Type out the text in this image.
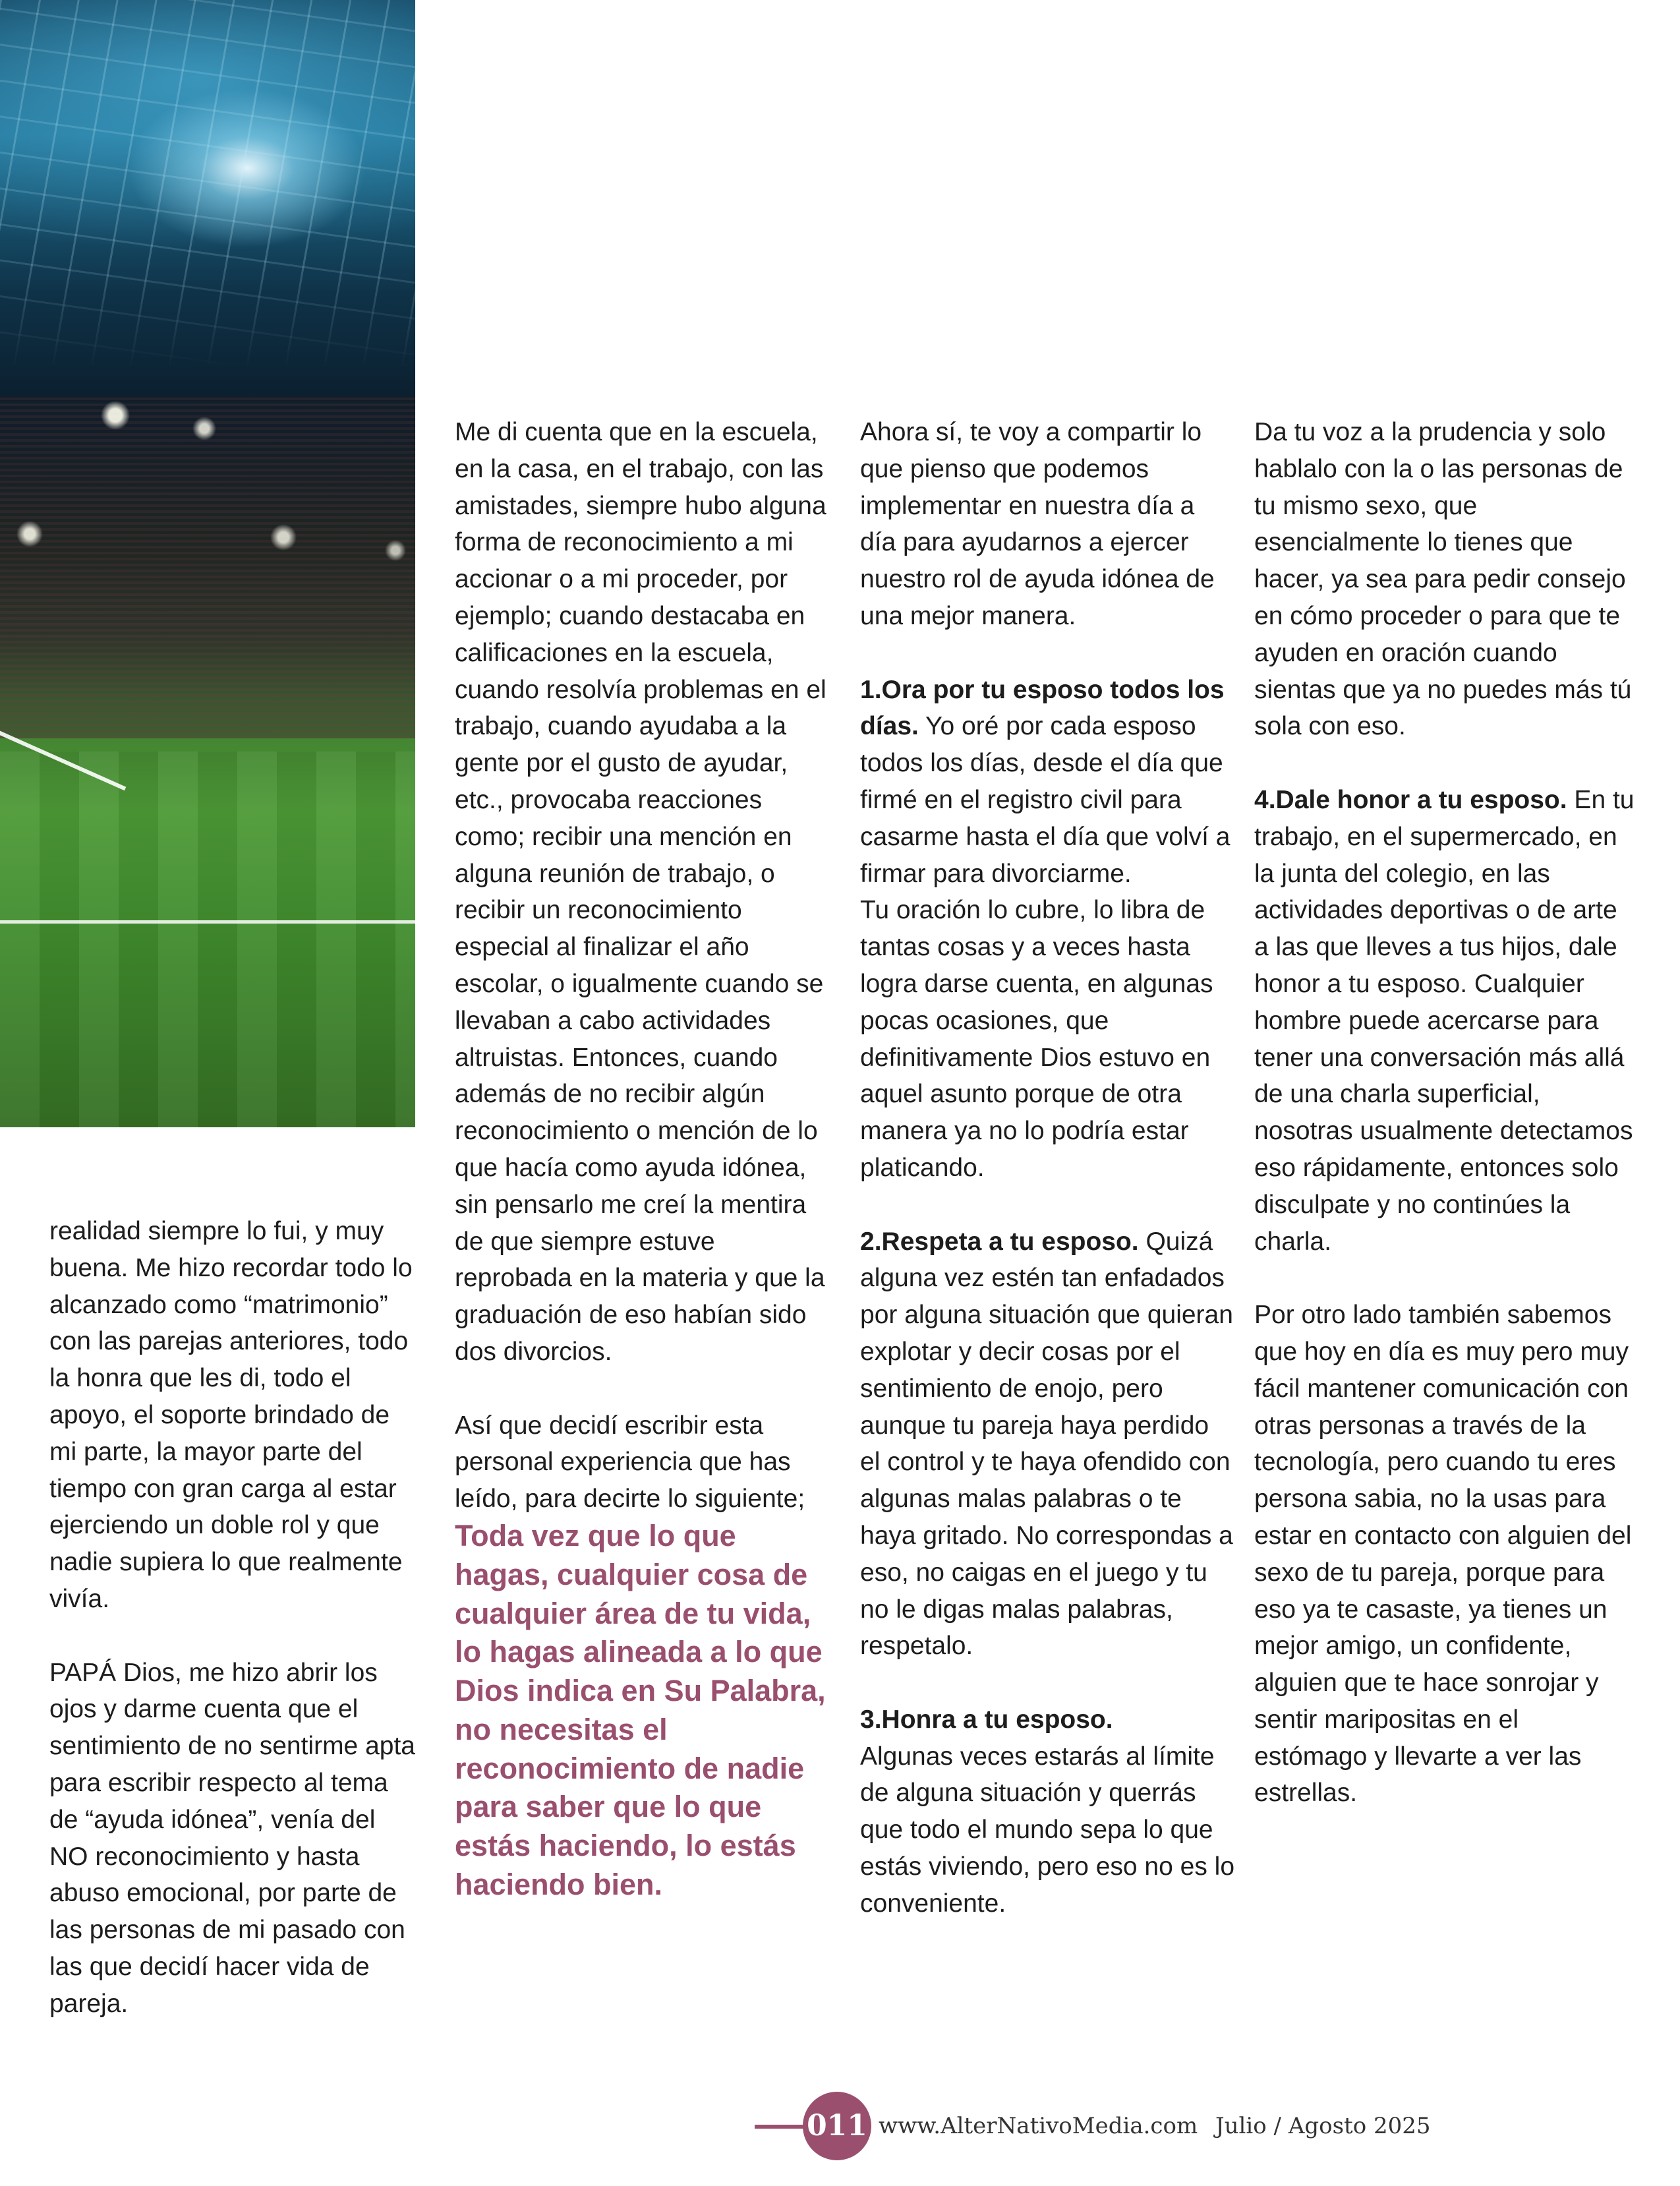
realidad siempre lo fui, y muy buena. Me hizo recordar todo lo alcanzado como “matrimonio” con las parejas anteriores, todo la honra que les di, todo el apoyo, el soporte brindado de mi parte, la mayor parte del tiempo con gran carga al estar ejerciendo un doble rol y que nadie supiera lo que realmente vivía.

PAPÁ Dios, me hizo abrir los ojos y darme cuenta que el sentimiento de no sentirme apta para escribir respecto al tema de “ayuda idónea”, venía del NO reconocimiento y hasta abuso emocional, por parte de las personas de mi pasado con las que decidí hacer vida de pareja.

Me di cuenta que en la escuela, en la casa, en el trabajo, con las amistades, siempre hubo alguna forma de reconocimiento a mi accionar o a mi proceder, por ejemplo; cuando destacaba en calificaciones en la escuela, cuando resolvía problemas en el trabajo, cuando ayudaba a la gente por el gusto de ayudar, etc., provocaba reacciones como; recibir una mención en alguna reunión de trabajo, o recibir un reconocimiento especial al finalizar el año escolar, o igualmente cuando se llevaban a cabo actividades altruistas. Entonces, cuando además de no recibir algún reconocimiento o mención de lo que hacía como ayuda idónea, sin pensarlo me creí la mentira de que siempre estuve reprobada en la materia y que la graduación de eso habían sido dos divorcios.

Así que decidí escribir esta personal experiencia que has leído, para decirte lo siguiente; Toda vez que lo que hagas, cualquier cosa de cualquier área de tu vida, lo hagas alineada a lo que Dios indica en Su Palabra, no necesitas el reconocimiento de nadie para saber que lo que estás haciendo, lo estás haciendo bien.

Ahora sí, te voy a compartir lo que pienso que podemos implementar en nuestra día a día para ayudarnos a ejercer nuestro rol de ayuda idónea de una mejor manera.

1.Ora por tu esposo todos los días. Yo oré por cada esposo todos los días, desde el día que firmé en el registro civil para casarme hasta el día que volví a firmar para divorciarme.
Tu oración lo cubre, lo libra de tantas cosas y a veces hasta logra darse cuenta, en algunas pocas ocasiones, que definitivamente Dios estuvo en aquel asunto porque de otra manera ya no lo podría estar platicando.

2.Respeta a tu esposo. Quizá alguna vez estén tan enfadados por alguna situación que quieran explotar y decir cosas por el sentimiento de enojo, pero aunque tu pareja haya perdido el control y te haya ofendido con algunas malas palabras o te haya gritado. No correspondas a eso, no caigas en el juego y tu no le digas malas palabras, respetalo.

3.Honra a tu esposo.
Algunas veces estarás al límite de alguna situación y querrás que todo el mundo sepa lo que estás viviendo, pero eso no es lo conveniente.

Da tu voz a la prudencia y solo hablalo con la o las personas de tu mismo sexo, que esencialmente lo tienes que hacer, ya sea para pedir consejo en cómo proceder o para que te ayuden en oración cuando sientas que ya no puedes más tú sola con eso.

4.Dale honor a tu esposo. En tu trabajo, en el supermercado, en la junta del colegio, en las actividades deportivas o de arte a las que lleves a tus hijos, dale honor a tu esposo. Cualquier hombre puede acercarse para tener una conversación más allá de una charla superficial, nosotras usualmente detectamos eso rápidamente, entonces solo disculpate y no continúes la charla.

Por otro lado también sabemos que hoy en día es muy pero muy fácil mantener comunicación con otras personas a través de la tecnología, pero cuando tu eres persona sabia, no la usas para estar en contacto con alguien del sexo de tu pareja, porque para eso ya te casaste, ya tienes un mejor amigo, un confidente, alguien que te hace sonrojar y sentir maripositas en el estómago y llevarte a ver las estrellas.

011 www.AlterNativoMedia.com Julio / Agosto 2025
